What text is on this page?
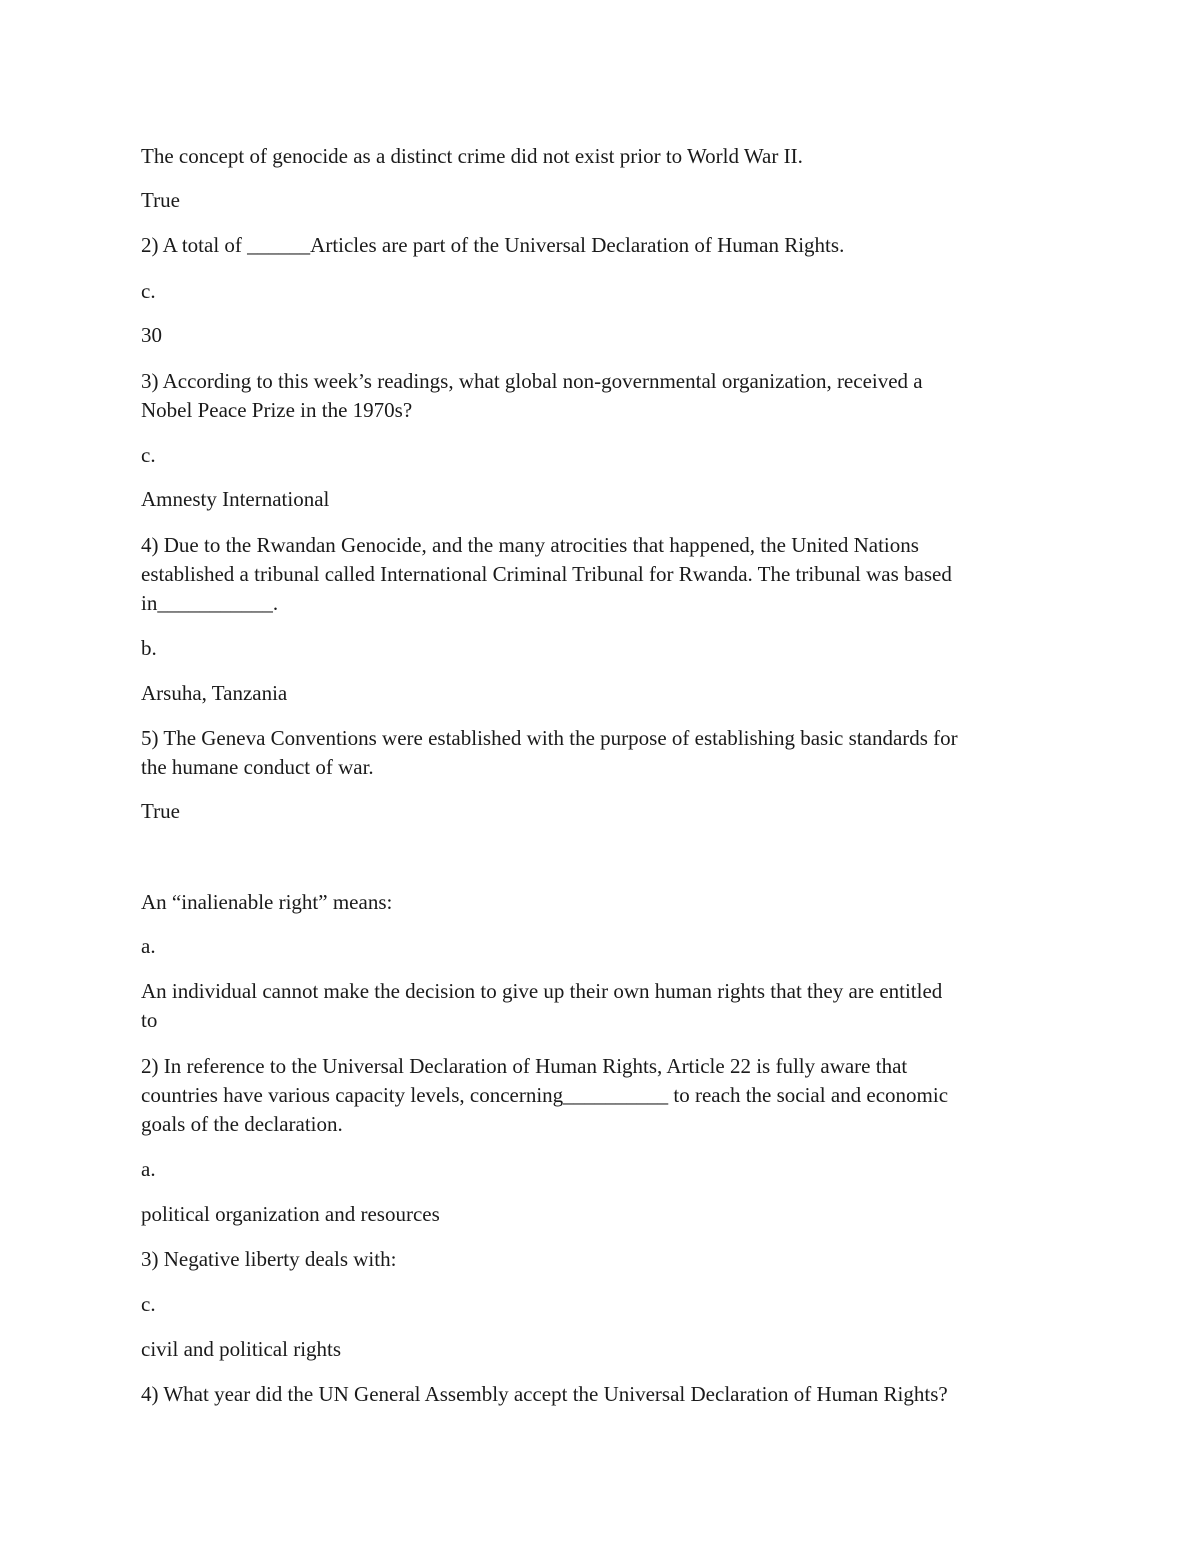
The concept of genocide as a distinct crime did not exist prior to World War II.

True

2) A total of ______Articles are part of the Universal Declaration of Human Rights.

c.

30

3) According to this week’s readings, what global non-governmental organization, received a

Nobel Peace Prize in the 1970s?

c.

Amnesty International

4) Due to the Rwandan Genocide, and the many atrocities that happened, the United Nations

established a tribunal called International Criminal Tribunal for Rwanda. The tribunal was based

in___________.

b.

Arsuha, Tanzania

5) The Geneva Conventions were established with the purpose of establishing basic standards for

the humane conduct of war.

True

An “inalienable right” means:

a.

An individual cannot make the decision to give up their own human rights that they are entitled

to

2) In reference to the Universal Declaration of Human Rights, Article 22 is fully aware that

countries have various capacity levels, concerning__________ to reach the social and economic

goals of the declaration.

a.

political organization and resources

3) Negative liberty deals with:

c.

civil and political rights

4) What year did the UN General Assembly accept the Universal Declaration of Human Rights?
